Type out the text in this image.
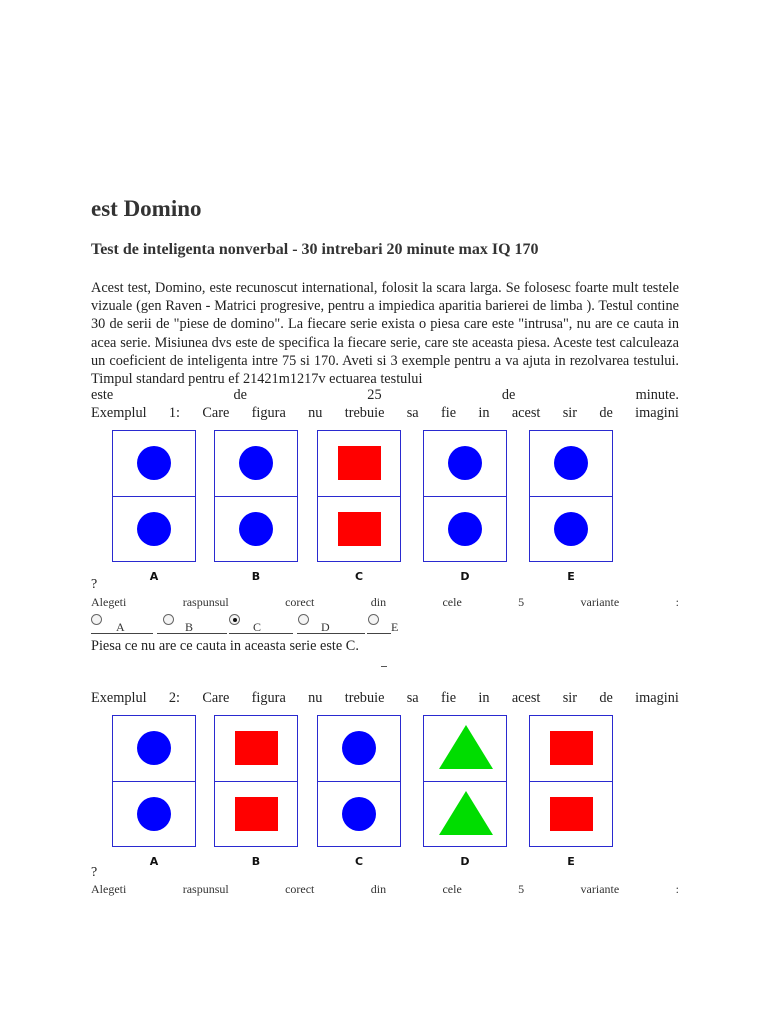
est Domino
Test de inteligenta nonverbal - 30 intrebari 20 minute max IQ 170

Acest test, Domino, este recunoscut international, folosit la scara larga. Se folosesc foarte mult testele vizuale (gen Raven - Matrici progresive, pentru a impiedica aparitia barierei de limba ). Testul contine 30 de serii de "piese de domino". La fiecare serie exista o piesa care este "intrusa", nu are ce cauta in acea serie. Misiunea dvs este de specifica la fiecare serie, care ste aceasta piesa. Aceste test calculeaza un coeficient de inteligenta intre 75 si 170. Aveti si 3 exemple pentru a va ajuta in rezolvarea testului. Timpul standard pentru ef 21421m1217v ectuarea testului

este	de	25	de	minute.
Exemplul 1: Care figura nu trebuie sa fie in acest sir de imagini
A	B	C	D	E
?
Alegeti	raspunsul	corect	din	cele	5	variante	:
A	B	C	D	E

Piesa ce nu are ce cauta in aceasta serie este C.

Exemplul 2: Care figura nu trebuie sa fie in acest sir de imagini
A	B	C	D	E
?
Alegeti	raspunsul	corect	din	cele	5	variante	:
